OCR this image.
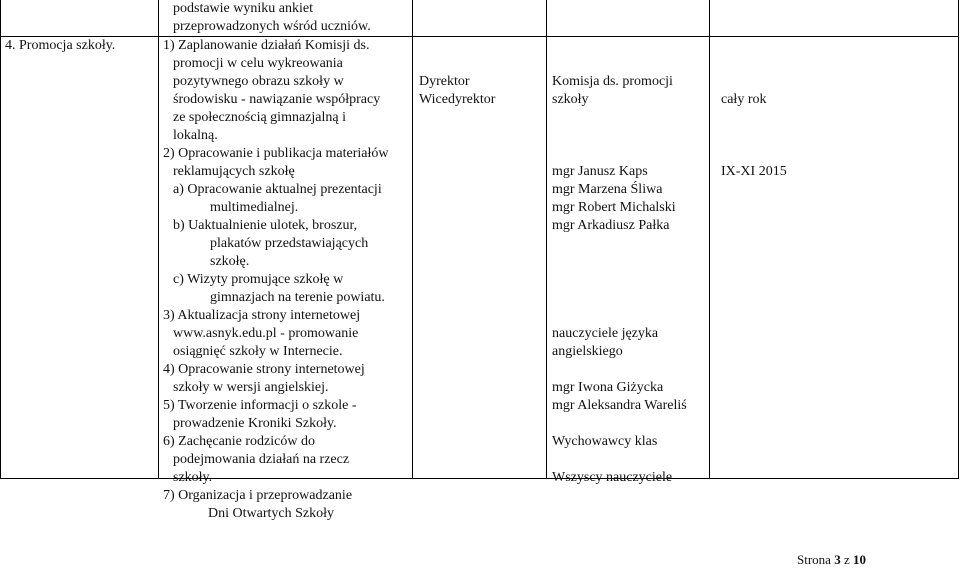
podstawie wyniku ankiet
przeprowadzonych wśród uczniów.
4. Promocja szkoły.	1) Zaplanowanie działań Komisji ds.
promocji w celu wykreowania
pozytywnego obrazu szkoły w
środowisku - nawiązanie współpracy
ze społecznością gimnazjalną i
lokalną.
2) Opracowanie i publikacja materiałów
reklamujących szkołę
a) Opracowanie aktualnej prezentacji
multimedialnej.
b) Uaktualnienie ulotek, broszur,
plakatów przedstawiających
szkołę.
c) Wizyty promujące szkołę w
gimnazjach na terenie powiatu.
3) Aktualizacja strony internetowej
www.asnyk.edu.pl - promowanie
osiągnięć szkoły w Internecie.
4) Opracowanie strony internetowej
szkoły w wersji angielskiej.
5) Tworzenie informacji o szkole -
prowadzenie Kroniki Szkoły.
6) Zachęcanie rodziców do
podejmowania działań na rzecz
szkoły.
7) Organizacja i przeprowadzanie
Dni Otwartych Szkoły
Dyrektor
Wicedyrektor
Komisja ds. promocji
szkoły
mgr Janusz Kaps
mgr Marzena Śliwa
mgr Robert Michalski
mgr Arkadiusz Pałka
nauczyciele języka
angielskiego
mgr Iwona Giżycka
mgr Aleksandra Wareliś
Wychowawcy klas
Wszyscy nauczyciele
cały rok
IX-XI 2015
Strona 3 z 10
